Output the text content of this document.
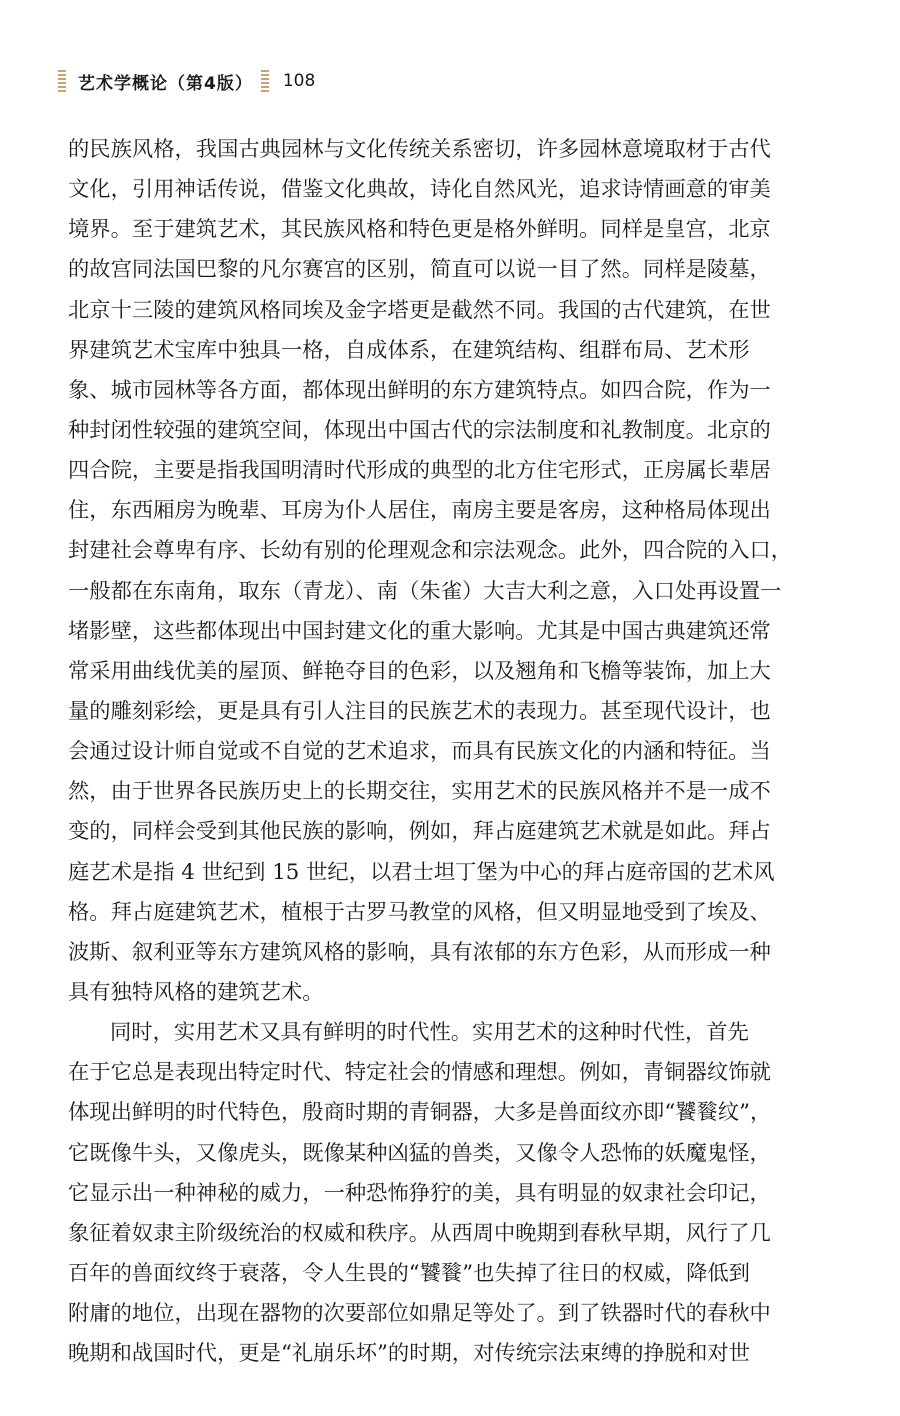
艺术学概论（第4版） 108
的民族风格，我国古典园林与文化传统关系密切，许多园林意境取材于古代
文化，引用神话传说，借鉴文化典故，诗化自然风光，追求诗情画意的审美
境界。至于建筑艺术，其民族风格和特色更是格外鲜明。同样是皇宫，北京
的故宫同法国巴黎的凡尔赛宫的区别，简直可以说一目了然。同样是陵墓，
北京十三陵的建筑风格同埃及金字塔更是截然不同。我国的古代建筑，在世
界建筑艺术宝库中独具一格，自成体系，在建筑结构、组群布局、艺术形
象、城市园林等各方面，都体现出鲜明的东方建筑特点。如四合院，作为一
种封闭性较强的建筑空间，体现出中国古代的宗法制度和礼教制度。北京的
四合院，主要是指我国明清时代形成的典型的北方住宅形式，正房属长辈居
住，东西厢房为晚辈、耳房为仆人居住，南房主要是客房，这种格局体现出
封建社会尊卑有序、长幼有别的伦理观念和宗法观念。此外，四合院的入口，
一般都在东南角，取东（青龙）、南（朱雀）大吉大利之意，入口处再设置一
堵影壁，这些都体现出中国封建文化的重大影响。尤其是中国古典建筑还常
常采用曲线优美的屋顶、鲜艳夺目的色彩，以及翘角和飞檐等装饰，加上大
量的雕刻彩绘，更是具有引人注目的民族艺术的表现力。甚至现代设计，也
会通过设计师自觉或不自觉的艺术追求，而具有民族文化的内涵和特征。当
然，由于世界各民族历史上的长期交往，实用艺术的民族风格并不是一成不
变的，同样会受到其他民族的影响，例如，拜占庭建筑艺术就是如此。拜占
庭艺术是指 4 世纪到 15 世纪，以君士坦丁堡为中心的拜占庭帝国的艺术风
格。拜占庭建筑艺术，植根于古罗马教堂的风格，但又明显地受到了埃及、
波斯、叙利亚等东方建筑风格的影响，具有浓郁的东方色彩，从而形成一种
具有独特风格的建筑艺术。
同时，实用艺术又具有鲜明的时代性。实用艺术的这种时代性，首先
在于它总是表现出特定时代、特定社会的情感和理想。例如，青铜器纹饰就
体现出鲜明的时代特色，殷商时期的青铜器，大多是兽面纹亦即“饕餮纹”，
它既像牛头，又像虎头，既像某种凶猛的兽类，又像令人恐怖的妖魔鬼怪，
它显示出一种神秘的威力，一种恐怖狰狞的美，具有明显的奴隶社会印记，
象征着奴隶主阶级统治的权威和秩序。从西周中晚期到春秋早期，风行了几
百年的兽面纹终于衰落，令人生畏的“饕餮”也失掉了往日的权威，降低到
附庸的地位，出现在器物的次要部位如鼎足等处了。到了铁器时代的春秋中
晚期和战国时代，更是“礼崩乐坏”的时期，对传统宗法束缚的挣脱和对世
